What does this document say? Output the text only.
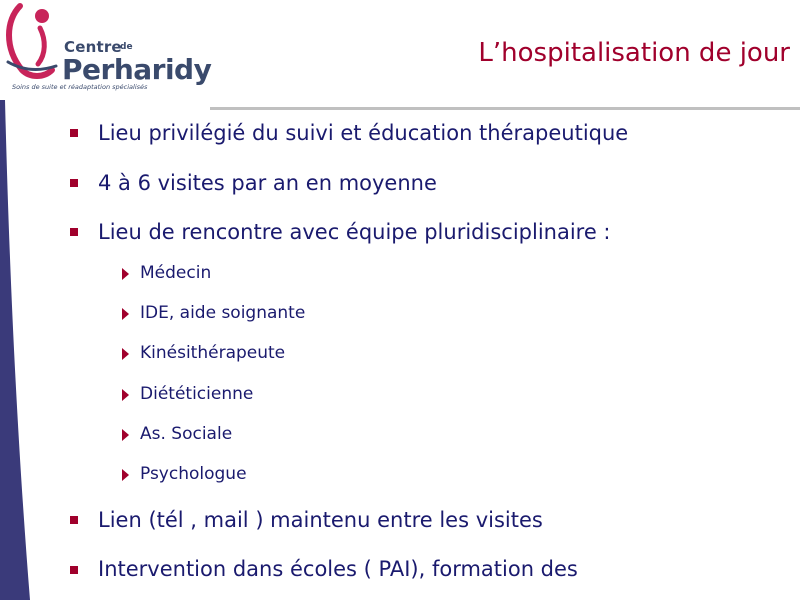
Centre
de
Perharidy
Soins de suite et réadaptation spécialisés
L’hospitalisation de jour
Lieu privilégié du suivi et éducation thérapeutique
4 à 6 visites par an en moyenne
Lieu de rencontre avec équipe pluridisciplinaire :
Médecin
IDE, aide soignante
Kinésithérapeute
Diététicienne
As. Sociale
Psychologue
Lien (tél , mail ) maintenu entre les visites
Intervention dans écoles ( PAI), formation des
